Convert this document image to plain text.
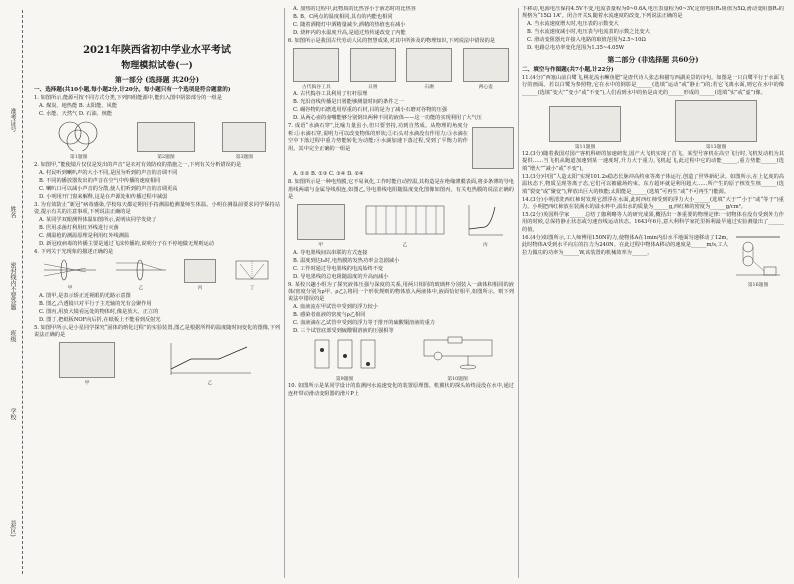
准考证号
姓名
密封线内不要答题
班级
学校
县(区)
2021年陕西省初中学业水平考试
物理模拟试卷(一)
第一部分 (选择题 共20分)

一、选择题(共10小题,每小题2分,计20分。每小题只有一个选项是符合题意的)

1. 如图所示,能源可按不同方式分类,下列四组能源中,能归入图中阴影部分的一组是

A. 煤炭、地热能 B. 太阳能、风能

C. 水能、天然气 D. 石油、核能

第1题图	第2题图	第3题图

2. 如图甲,“能使镜片仅仅是发出的声音”是衣衬有效防疫的措施之一,下列有关分析错误的是

A. 村民听到喇叭声的大小不同,是因为听到的声音的音调不同

B. 不同的播放器发出的声音在空气中传播的速度相同

C. 喇叭口可以减小声音的分散,使人们听到的声音的音调更高

D. 小明用开门窗来解释,这是在声源处和传播过程中减弱

3. 为有效防止“新冠”病毒感染,学校每天都定期用手持测温枪测量师生体温。小明在测温前要求同学保持站姿,提示有关的注意事项,下列说法正确的是

A. 某同学双眼测得体温如图所示,说明该同学发烧了

B. 医用杀菌灯利用红外线进行灭菌

C. 测温枪的测温原理是利用红外线测温

D. 新冠疫病毒的传播主要是通过飞沫传播的,说明分子在不停地做无规则运动

4. 下列关于光现象的描述正确的是

甲	乙	丙	丁

A. 图甲,是表示矫正近视眼的光路示意图

B. 图乙,凸透镜只对平行于主光轴的光有会聚作用

C. 图丙,用放大镜看远处的物体时,像是放大、正立的

D. 图丁,把纸板NOF向后折,在纸板上不能看到反射光

5. 如图甲所示,是小星同学探究“固体的熔化过程”的实验装置,图乙是根据所得的温度随时间变化的图像,下列说法正确的是

甲	乙

A. 加热的过程中,此物质的比热容小于液态时的比热容

B. B、C两点的温度相同,具有的内能也相同

C. 随着酒精灯中酒精量减少,酒精的热值也在减小

D. 烧杯内的水温度升高,是通过热传递改变了内能

6. 如图所示是我国古代劳动人民的智慧成果,对其中所涉及的物理知识,下列说法中错误的是

古代捣谷工具	日晷	石磨	两心壶

A. 古代捣谷工具利用了杠杆原理

B. 光沿直线传播是日晷能够测量时间的条件之一

C. 碾谷物的石磨选用厚重的石材,目的是为了减小石磨对谷物的压强

D. 从两心壶的壶嘴能够分别倒出两种不同的液体——这一功能的实现利用了大气压

7. 成语“水滴石穿”,比喻力量虽小,但只要坚持,功到自然成。从物理的角度分析:①水滴石穿,说明力可以改变物体的形状;②石头对水滴没有作用力;③水滴在空中下落过程中重力势能转化为动能;④水滴加速下落过程,受到了平衡力的作用。其中完全正确的一组是

A. ①② B. ①③ C. ③④ D. ②④

8. 如图所示是一种电热膜,它不易氧化,工作时能自动控温,其构造是在绝缘薄膜表面,将多条薄的导电墨线两端与金属导线相连,如图乙,导电墨线电阻随温度变化图像如图丙。有关电热膜的说法正确的是

甲	乙	丙

A. 导电墨线间以串联的方式连接

B. 温度到达t₀时,电热膜的发热功率会急剧减小

C. 工作时通过导电墨线的电流始终不变

D. 导电墨线的总电阻随温度的升高而减小

9. 某校兴趣小组为了探究液体压强与深度的关系,用两只相同的玻璃杯分别装入一滴体积相同的液体(密度分别为ρ甲、ρ乙),将同一个形状规则的物体放入两液体中,液面恰好相平,如图所示。则下列说法中错误的是

A. 血液流在甲试管中受到的浮力较小

B. 感染者血液的密度与ρ乙相同

C. 血液滴在乙试管中受到的浮力等于排开的硫酸铜溶液的重力

D. 三个试管底部受到硫酸铜溶液的压强相等

第9题图	第10题图

10. 如图所示是某同学设计的监测河水流速变化的装置原理图。机翼状的探头始终浸没在水中,通过连杆带动滑动变阻器的滑片P上

下移动,电源电压保持4.5V不变,电流表量程为0~0.6A,电压表量程为0~3V,定值电阻R₁阻值为5Ω,滑动变阻器R₂的规格为“15Ω 1A”。闭合开关S,随着水流速度的改变,下列说法正确的是

A. 当水流速度增大时,电压表的示数变大

B. 当水流速度减小时,电压表与电流表的示数之比变大

C. 滑动变阻器允许接入电路的取值范围为2.5~10Ω

D. 电路总电功率变化范围为1.35~4.05W

第二部分 (非选择题 共60分)

二、填空与作图题(共7小题,计22分)

11.(4分)“西塞山前白鹭飞,桃花流水鳜鱼肥”是唐代诗人张志和描写西湖美景的诗句。如图是一只白鹭平行于水面飞行的画面。若以白鹭为参照物,它在水中的倒影是______(选填“运动”或“静止”)的;若它飞离水面,则它在水中的像______(选填“变大”“变小”或“不变”),人们看到水中的鱼是由光的______形成的______(选填“实”或“虚”)像。

第11题图	第13题图

12.(3分)随着我国对国产客机科研的加速研发,国产大飞机实现了首飞。某型号客机在高空飞行时,飞机发动机为其提供……当飞机从跑道加速到某一速度时,升力大于重力,飞机起飞,此过程中它的动能______,重力势能______(选填“增大”“减小”或“不变”)。

13.(3分)中国“人造太阳”实现101.2s稳态长脉冲高约束等离子体运行,创造了世界新纪录。如图所示,在上亿度的高温状态下,物质呈现等离子态,它们可以被磁场约束。东方超环就是利用超大……所产生的原子核发生核______(选填“裂变”或“聚变”),释放出巨大的核能;太阳能是______(选填“可再生”或“不可再生”)能源。

14.(3分)小明清洗西红柿时发现它漂浮在水面,此时西红柿受到的浮力大小______(选填“大于”“小于”或“等于”)重力。小明把西红柿放在装满水的溢水杯中,溢出水的质量为______g,西红柿的密度为______g/cm³。

15.(2分)英国科学家______总结了伽利略等人的研究成果,概括出一条重要的物理定律:一切物体在没有受到外力作用的时候,总保持静止状态或匀速直线运动状态。1643年6月,意大利科学家托里拆利最早通过实验测量出了______的值。

16.(4分)如图所示,工人师傅用150N的力,使物体A在1min内沿水平地面匀速移动了12m,此时物体A受到水平向左的拉力为240N。在此过程中物体A移动的速度是______m/s,工人拉力做功的功率为______W,该装置的机械效率为______。

第16题图
